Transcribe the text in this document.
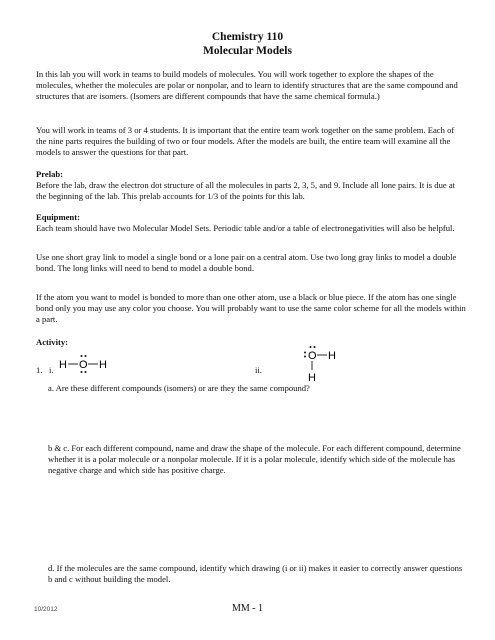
Chemistry 110
Molecular Models
In this lab you will work in teams to build models of molecules. You will work together to explore the shapes of the molecules, whether the molecules are polar or nonpolar, and to learn to identify structures that are the same compound and structures that are isomers. (Isomers are different compounds that have the same chemical formula.)
You will work in teams of 3 or 4 students. It is important that the entire team work together on the same problem. Each of the nine parts requires the building of two or four models. After the models are built, the entire team will examine all the models to answer the questions for that part.
Prelab:
Before the lab, draw the electron dot structure of all the molecules in parts 2, 3, 5, and 9. Include all lone pairs. It is due at the beginning of the lab. This prelab accounts for 1/3 of the points for this lab.
Equipment:
Each team should have two Molecular Model Sets. Periodic table and/or a table of electronegativities will also be helpful.
Use one short gray link to model a single bond or a lone pair on a central atom. Use two long gray links to model a double bond. The long links will need to bend to model a double bond.
If the atom you want to model is bonded to more than one other atom, use a black or blue piece. If the atom has one single bond only you may use any color you choose. You will probably want to use the same color scheme for all the models within a part.
Activity:
1. i. H O H	ii.
O H
H
a. Are these different compounds (isomers) or are they the same compound?
b & c. For each different compound, name and draw the shape of the molecule. For each different compound, determine whether it is a polar molecule or a nonpolar molecule. If it is a polar molecule, identify which side of the molecule has negative charge and which side has positive charge.
d. If the molecules are the same compound, identify which drawing (i or ii) makes it easier to correctly answer questions b and c without building the model.
10/2012	MM - 1
